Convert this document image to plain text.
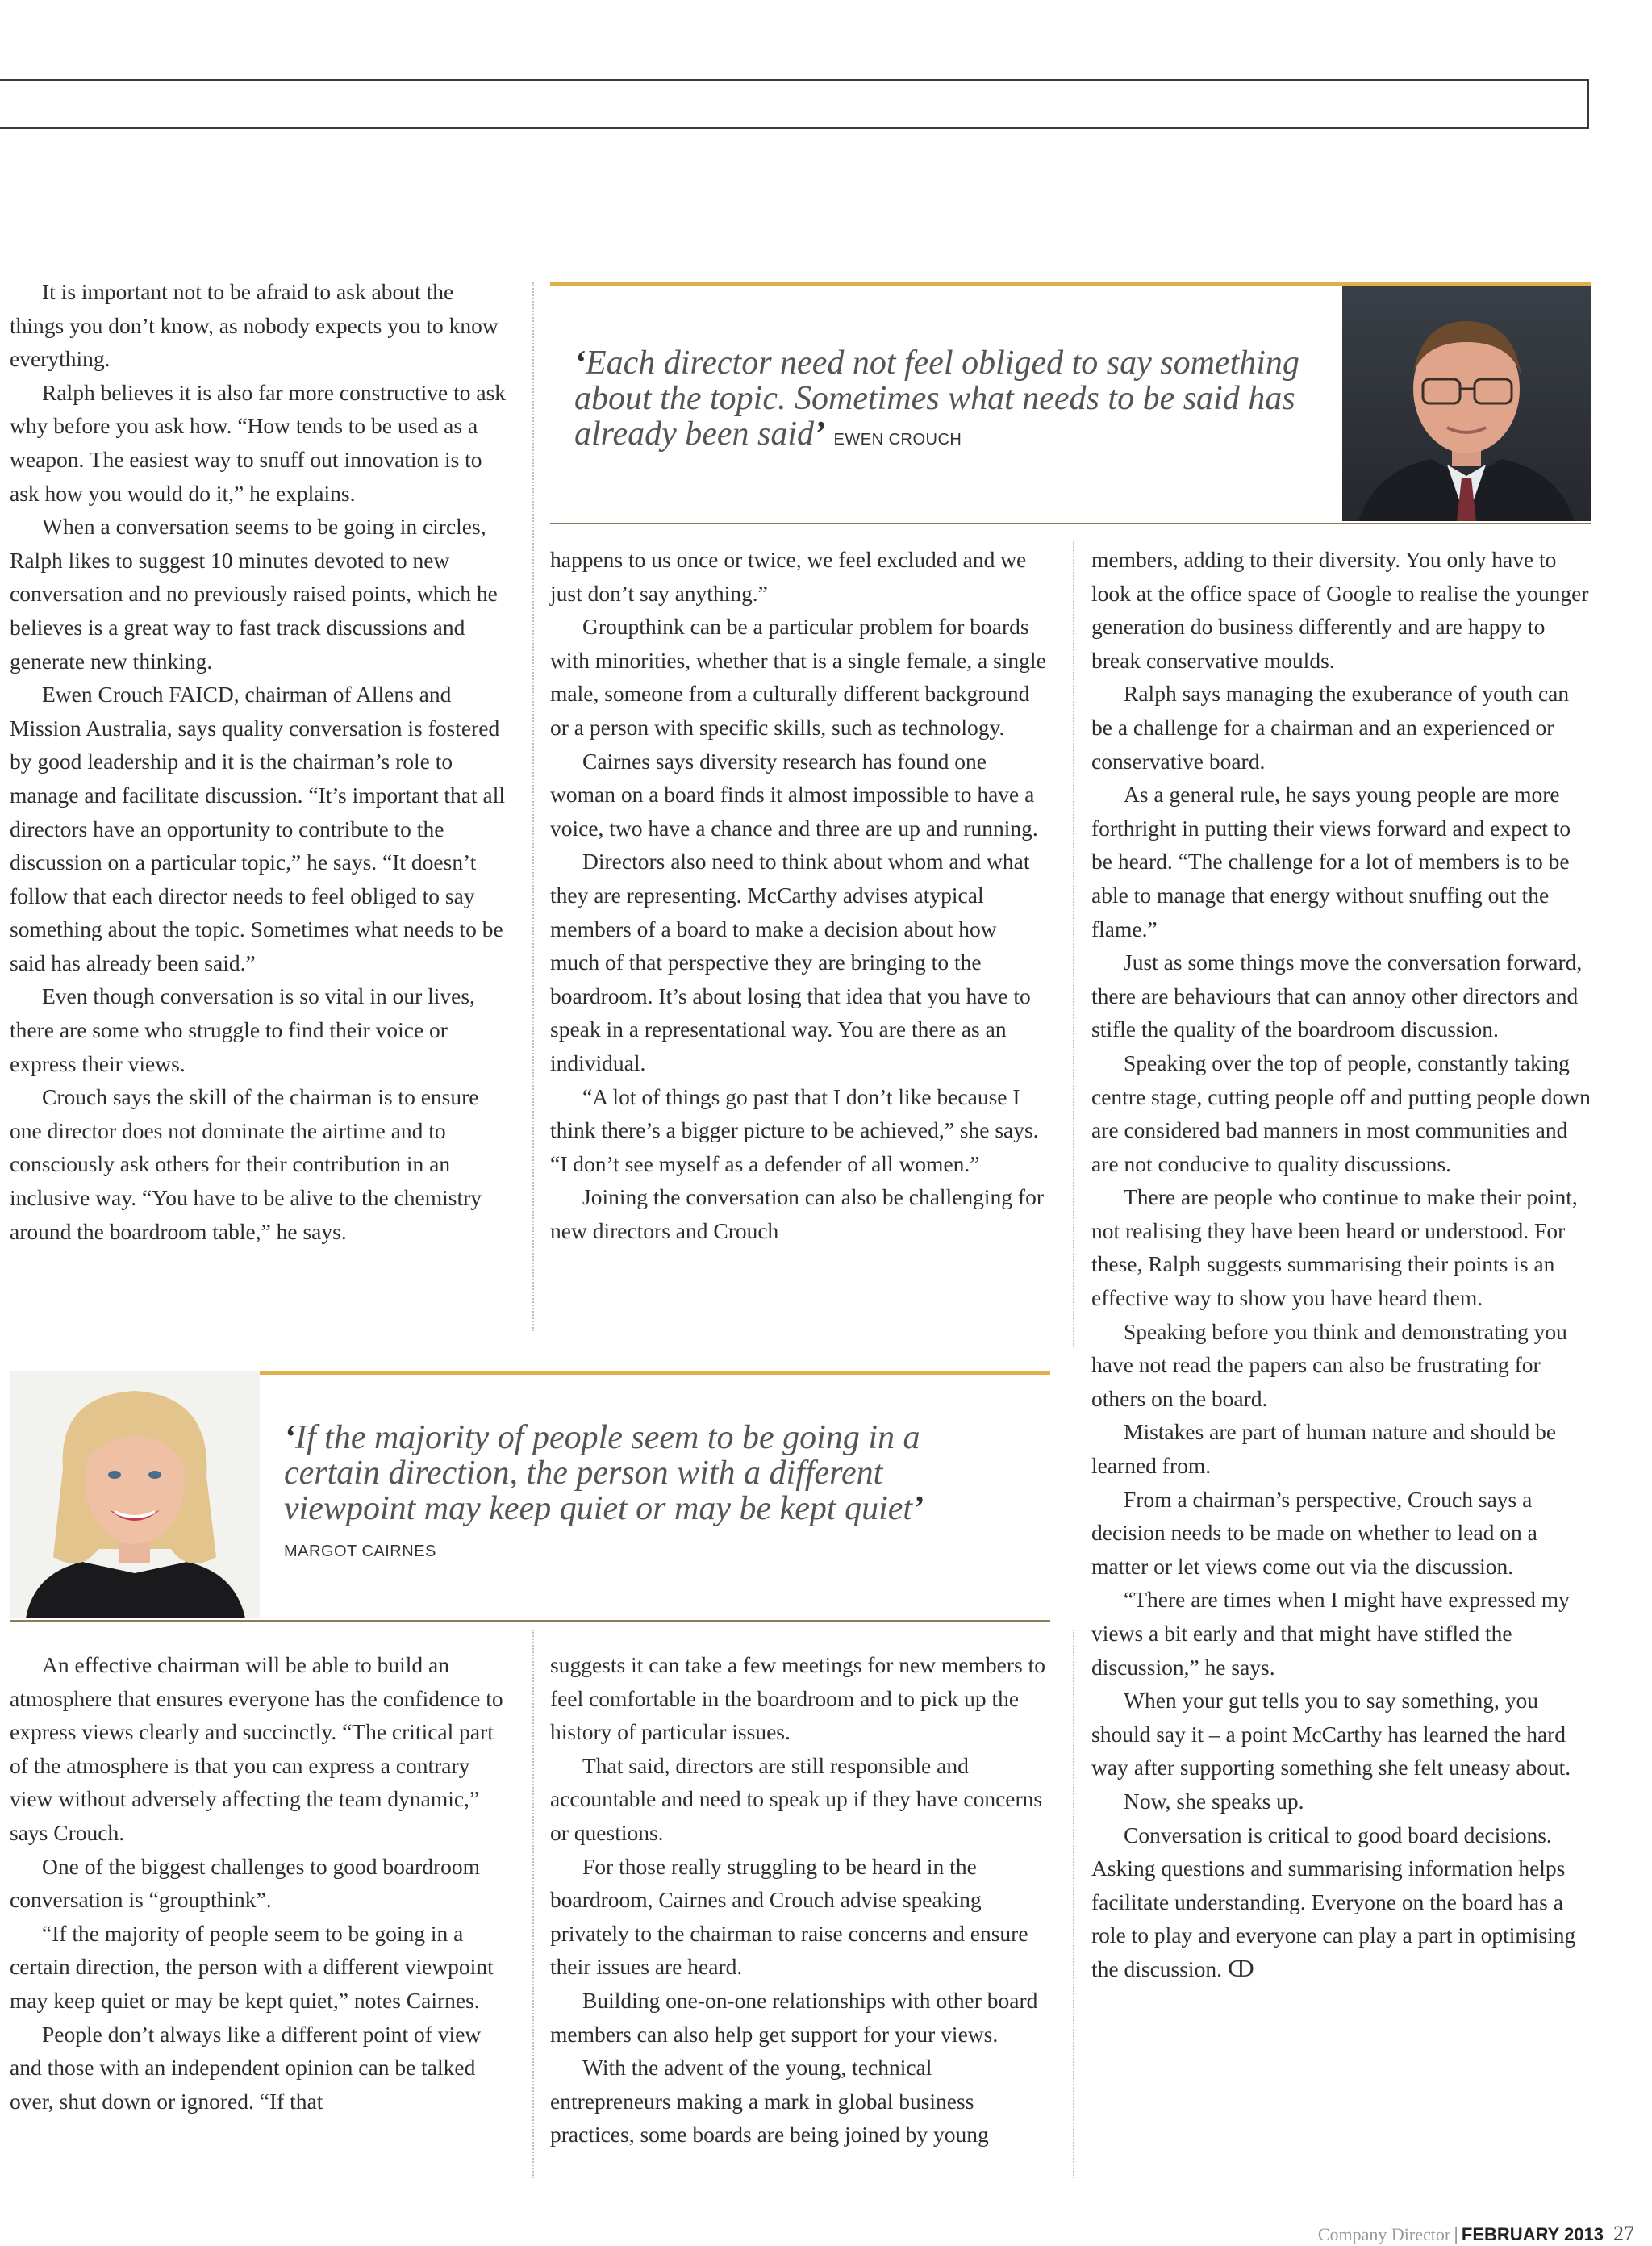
‘Each director need not feel obliged to say something about the topic. Sometimes what needs to be said has already been said’ EWEN CROUCH
‘If the majority of people seem to be going in a certain direction, the person with a different viewpoint may keep quiet or may be kept quiet’
MARGOT CAIRNES

It is important not to be afraid to ask about the things you don’t know, as nobody expects you to know everything.

Ralph believes it is also far more constructive to ask why before you ask how. “How tends to be used as a weapon. The easiest way to snuff out innovation is to ask how you would do it,” he explains.

When a conversation seems to be going in circles, Ralph likes to suggest 10 minutes devoted to new conversation and no previously raised points, which he believes is a great way to fast track discussions and generate new thinking.

Ewen Crouch FAICD, chairman of Allens and Mission Australia, says quality conversation is fostered by good leadership and it is the chairman’s role to manage and facilitate discussion. “It’s important that all directors have an opportunity to contribute to the discussion on a particular topic,” he says. “It doesn’t follow that each director needs to feel obliged to say something about the topic. Sometimes what needs to be said has already been said.”

Even though conversation is so vital in our lives, there are some who struggle to find their voice or express their views.

Crouch says the skill of the chairman is to ensure one director does not dominate the airtime and to consciously ask others for their contribution in an inclusive way. “You have to be alive to the chemistry around the boardroom table,” he says.

happens to us once or twice, we feel excluded and we just don’t say anything.”

Groupthink can be a particular problem for boards with minorities, whether that is a single female, a single male, someone from a culturally different background or a person with specific skills, such as technology.

Cairnes says diversity research has found one woman on a board finds it almost impossible to have a voice, two have a chance and three are up and running.

Directors also need to think about whom and what they are representing. McCarthy advises atypical members of a board to make a decision about how much of that perspective they are bringing to the boardroom. It’s about losing that idea that you have to speak in a representational way. You are there as an individual.

“A lot of things go past that I don’t like because I think there’s a bigger picture to be achieved,” she says. “I don’t see myself as a defender of all women.”

Joining the conversation can also be challenging for new directors and Crouch

members, adding to their diversity. You only have to look at the office space of Google to realise the younger generation do business differently and are happy to break conservative moulds.

Ralph says managing the exuberance of youth can be a challenge for a chairman and an experienced or conservative board.

As a general rule, he says young people are more forthright in putting their views forward and expect to be heard. “The challenge for a lot of members is to be able to manage that energy without snuffing out the flame.”

Just as some things move the conversation forward, there are behaviours that can annoy other directors and stifle the quality of the boardroom discussion.

Speaking over the top of people, constantly taking centre stage, cutting people off and putting people down are considered bad manners in most communities and are not conducive to quality discussions.

There are people who continue to make their point, not realising they have been heard or understood. For these, Ralph suggests summarising their points is an effective way to show you have heard them.

Speaking before you think and demonstrating you have not read the papers can also be frustrating for others on the board.

Mistakes are part of human nature and should be learned from.

From a chairman’s perspective, Crouch says a decision needs to be made on whether to lead on a matter or let views come out via the discussion.

“There are times when I might have expressed my views a bit early and that might have stifled the discussion,” he says.

When your gut tells you to say something, you should say it – a point McCarthy has learned the hard way after supporting something she felt uneasy about.

Now, she speaks up.

Conversation is critical to good board decisions. Asking questions and summarising information helps facilitate understanding. Everyone on the board has a role to play and everyone can play a part in optimising the discussion. ↀ

An effective chairman will be able to build an atmosphere that ensures everyone has the confidence to express views clearly and succinctly. “The critical part of the atmosphere is that you can express a contrary view without adversely affecting the team dynamic,” says Crouch.

One of the biggest challenges to good boardroom conversation is “groupthink”.

“If the majority of people seem to be going in a certain direction, the person with a different viewpoint may keep quiet or may be kept quiet,” notes Cairnes.

People don’t always like a different point of view and those with an independent opinion can be talked over, shut down or ignored. “If that

suggests it can take a few meetings for new members to feel comfortable in the boardroom and to pick up the history of particular issues.

That said, directors are still responsible and accountable and need to speak up if they have concerns or questions.

For those really struggling to be heard in the boardroom, Cairnes and Crouch advise speaking privately to the chairman to raise concerns and ensure their issues are heard.

Building one-on-one relationships with other board members can also help get support for your views.

With the advent of the young, technical entrepreneurs making a mark in global business practices, some boards are being joined by young

Company Director | FEBRUARY 2013 27
